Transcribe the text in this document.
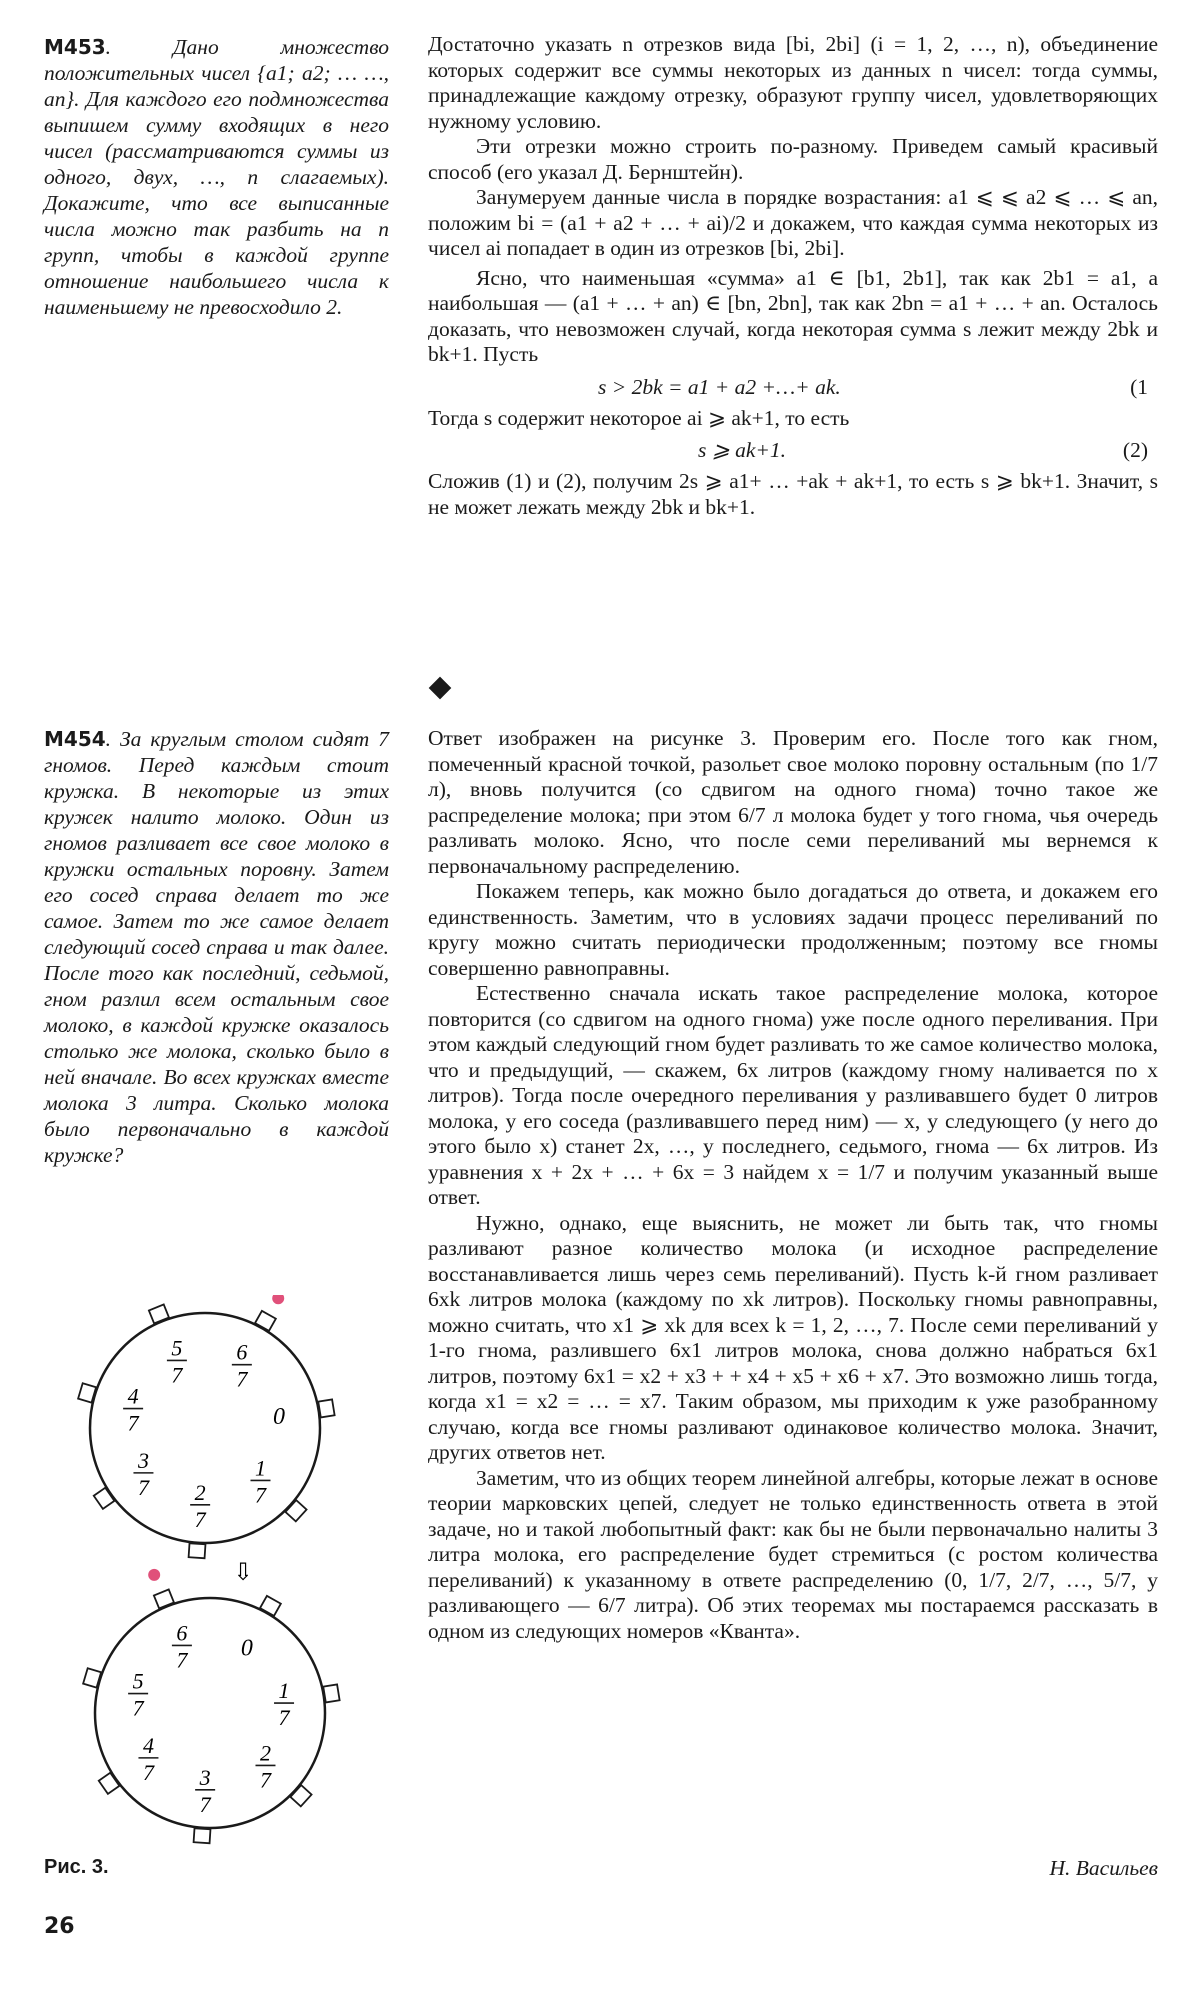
M453. Дано множество положительных чисел {a1; a2; … …, an}. Для каждого его подмножества выпишем сумму входящих в него чисел (рассматриваются суммы из одного, двух, …, n слагаемых). Докажите, что все выписанные числа можно так разбить на n групп, чтобы в каждой группе отношение наибольшего числа к наименьшему не превосходило 2.

Достаточно указать n отрезков вида [bi, 2bi] (i = 1, 2, …, n), объединение которых содержит все суммы некоторых из данных n чисел: тогда суммы, принадлежащие каждому отрезку, образуют группу чисел, удовлетворяющих нужному условию.

Эти отрезки можно строить по-разному. Приведем самый красивый способ (его указал Д. Бернштейн).

Занумеруем данные числа в порядке возрастания: a1 ⩽ ⩽ a2 ⩽ … ⩽ an, положим bi = (a1 + a2 + … + ai)/2 и докажем, что каждая сумма некоторых из чисел ai попадает в один из отрезков [bi, 2bi].

Ясно, что наименьшая «сумма» a1 ∈ [b1, 2b1], так как 2b1 = a1, а наибольшая — (a1 + … + an) ∈ [bn, 2bn], так как 2bn = a1 + … + an. Осталось доказать, что невозможен случай, когда некоторая сумма s лежит между 2bk и bk+1. Пусть

s > 2bk = a1 + a2 +…+ ak.	(1

Тогда s содержит некоторое ai ⩾ ak+1, то есть

s ⩾ ak+1.	(2)

Сложив (1) и (2), получим 2s ⩾ a1+ … +ak + ak+1, то есть s ⩾ bk+1. Значит, s не может лежать между 2bk и bk+1.

M454. За круглым столом сидят 7 гномов. Перед каждым стоит кружка. В некоторые из этих кружек налито молоко. Один из гномов разливает все свое молоко в кружки остальных поровну. Затем его сосед справа делает то же самое. Затем то же самое делает следующий сосед справа и так далее. После того как последний, седьмой, гном разлил всем остальным свое молоко, в каждой кружке оказалось столько же молока, сколько было в ней вначале. Во всех кружках вместе молока 3 литра. Сколько молока было первоначально в каждой кружке?

Ответ изображен на рисунке 3. Проверим его. После того как гном, помеченный красной точкой, разольет свое молоко поровну остальным (по 1/7 л), вновь получится (со сдвигом на одного гнома) точно такое же распределение молока; при этом 6/7 л молока будет у того гнома, чья очередь разливать молоко. Ясно, что после семи переливаний мы вернемся к первоначальному распределению.

Покажем теперь, как можно было догадаться до ответа, и докажем его единственность. Заметим, что в условиях задачи процесс переливаний по кругу можно считать периодически продолженным; поэтому все гномы совершенно равноправны.

Естественно сначала искать такое распределение молока, которое повторится (со сдвигом на одного гнома) уже после одного переливания. При этом каждый следующий гном будет разливать то же самое количество молока, что и предыдущий, — скажем, 6x литров (каждому гному наливается по x литров). Тогда после очередного переливания у разливавшего будет 0 литров молока, у его соседа (разливавшего перед ним) — x, у следующего (у него до этого было x) станет 2x, …, у последнего, седьмого, гнома — 6x литров. Из уравнения x + 2x + … + 6x = 3 найдем x = 1/7 и получим указанный выше ответ.

Нужно, однако, еще выяснить, не может ли быть так, что гномы разливают разное количество молока (и исходное распределение восстанавливается лишь через семь переливаний). Пусть k-й гном разливает 6xk литров молока (каждому по xk литров). Поскольку гномы равноправны, можно считать, что x1 ⩾ xk для всех k = 1, 2, …, 7. После семи переливаний у 1-го гнома, разлившего 6x1 литров молока, снова должно набраться 6x1 литров, поэтому 6x1 = x2 + x3 + + x4 + x5 + x6 + x7. Это возможно лишь тогда, когда x1 = x2 = … = x7. Таким образом, мы приходим к уже разобранному случаю, когда все гномы разливают одинаковое количество молока. Значит, других ответов нет.

Заметим, что из общих теорем линейной алгебры, которые лежат в основе теории марковских цепей, следует не только единственность ответа в этой задаче, но и такой любопытный факт: как бы не были первоначально налиты 3 литра молока, его распределение будет стремиться (с ростом количества переливаний) к указанному в ответе распределению (0, 1/7, 2/7, …, 5/7, у разливающего — 6/7 литра). Об этих теоремах мы постараемся рассказать в одном из следующих номеров «Кванта».

5
7
6
7
0
1
7
2
7
3
7
4
7
6
7 0
1
7
2
7
3
7
4
7
5
7
⇩
Рис. 3.	Н. Васильев
26
